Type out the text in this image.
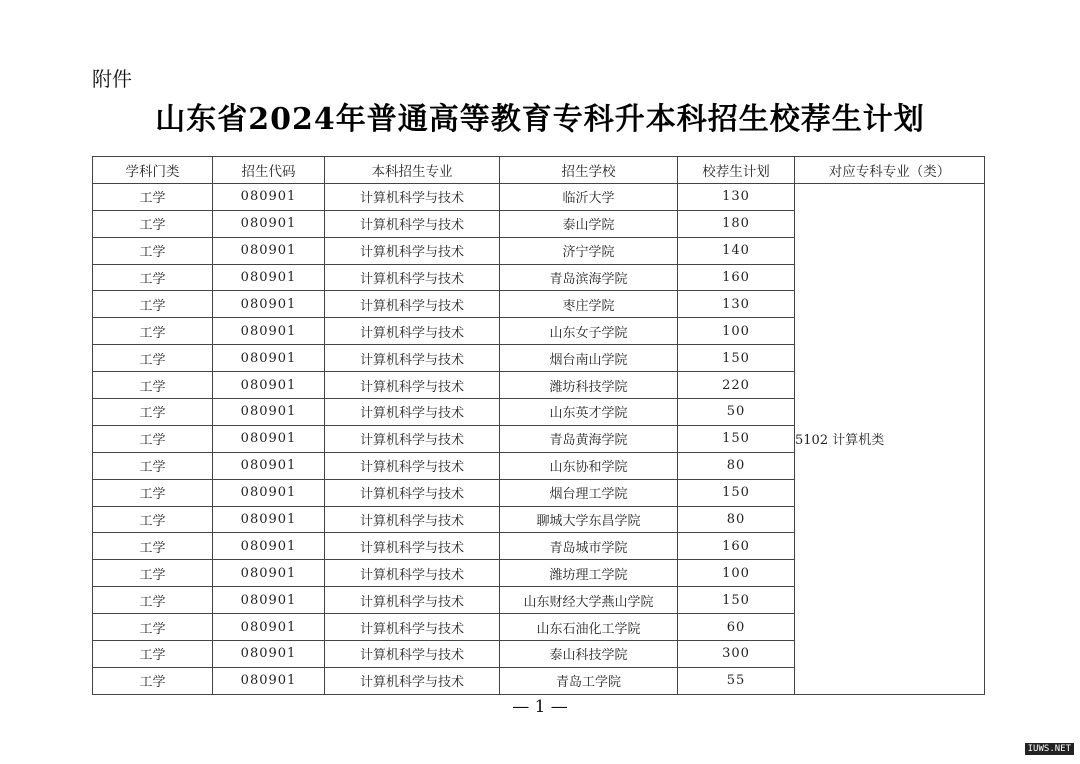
附件
山东省2024年普通高等教育专科升本科招生校荐生计划
学科门类	招生代码	本科招生专业	招生学校	校荐生计划	对应专科专业（类）
工学	080901	计算机科学与技术	临沂大学	130	5102 计算机类
工学	080901	计算机科学与技术	泰山学院	180	
工学	080901	计算机科学与技术	济宁学院	140	
工学	080901	计算机科学与技术	青岛滨海学院	160	
工学	080901	计算机科学与技术	枣庄学院	130	
工学	080901	计算机科学与技术	山东女子学院	100	
工学	080901	计算机科学与技术	烟台南山学院	150	
工学	080901	计算机科学与技术	潍坊科技学院	220	
工学	080901	计算机科学与技术	山东英才学院	50	
工学	080901	计算机科学与技术	青岛黄海学院	150	
工学	080901	计算机科学与技术	山东协和学院	80	
工学	080901	计算机科学与技术	烟台理工学院	150	
工学	080901	计算机科学与技术	聊城大学东昌学院	80	
工学	080901	计算机科学与技术	青岛城市学院	160	
工学	080901	计算机科学与技术	潍坊理工学院	100	
工学	080901	计算机科学与技术	山东财经大学燕山学院	150	
工学	080901	计算机科学与技术	山东石油化工学院	60	
工学	080901	计算机科学与技术	泰山科技学院	300	
工学	080901	计算机科学与技术	青岛工学院	55	
— 1 —
IUWS.NET
